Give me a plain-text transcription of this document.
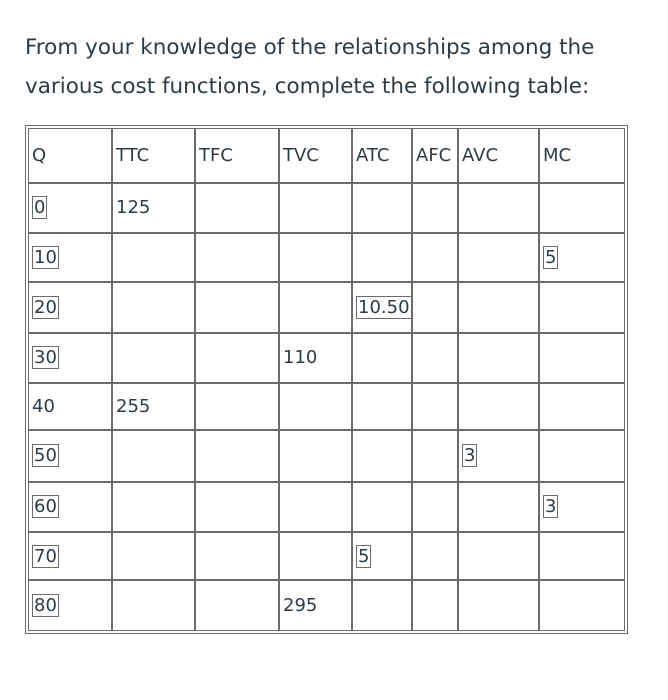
From your knowledge of the relationships among the
various cost functions, complete the following table:
Q	TTC	TFC	TVC	ATC	AFC	AVC	MC
0	125						
10							5
20				10.50			
30			110				
40	255						
50						3	
60							3
70				5			
80			295				
